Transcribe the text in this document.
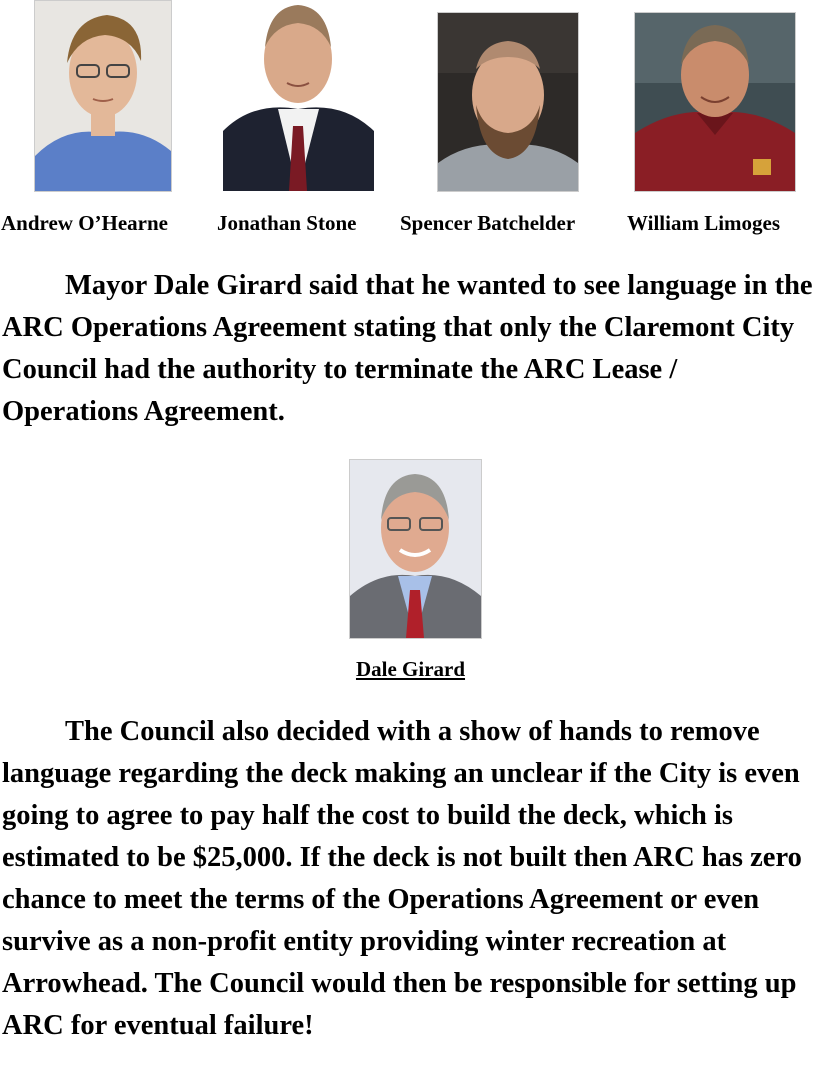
Andrew O’Hearne Jonathan Stone Spencer Batchelder William Limoges

Mayor Dale Girard said that he wanted to see language in the ARC Operations Agreement stating that only the Claremont City Council had the authority to terminate the ARC Lease / Operations Agreement.

Dale Girard

The Council also decided with a show of hands to remove language regarding the deck making an unclear if the City is even going to agree to pay half the cost to build the deck, which is estimated to be $25,000. If the deck is not built then ARC has zero chance to meet the terms of the Operations Agreement or even survive as a non-profit entity providing winter recreation at Arrowhead. The Council would then be responsible for setting up ARC for eventual failure!
